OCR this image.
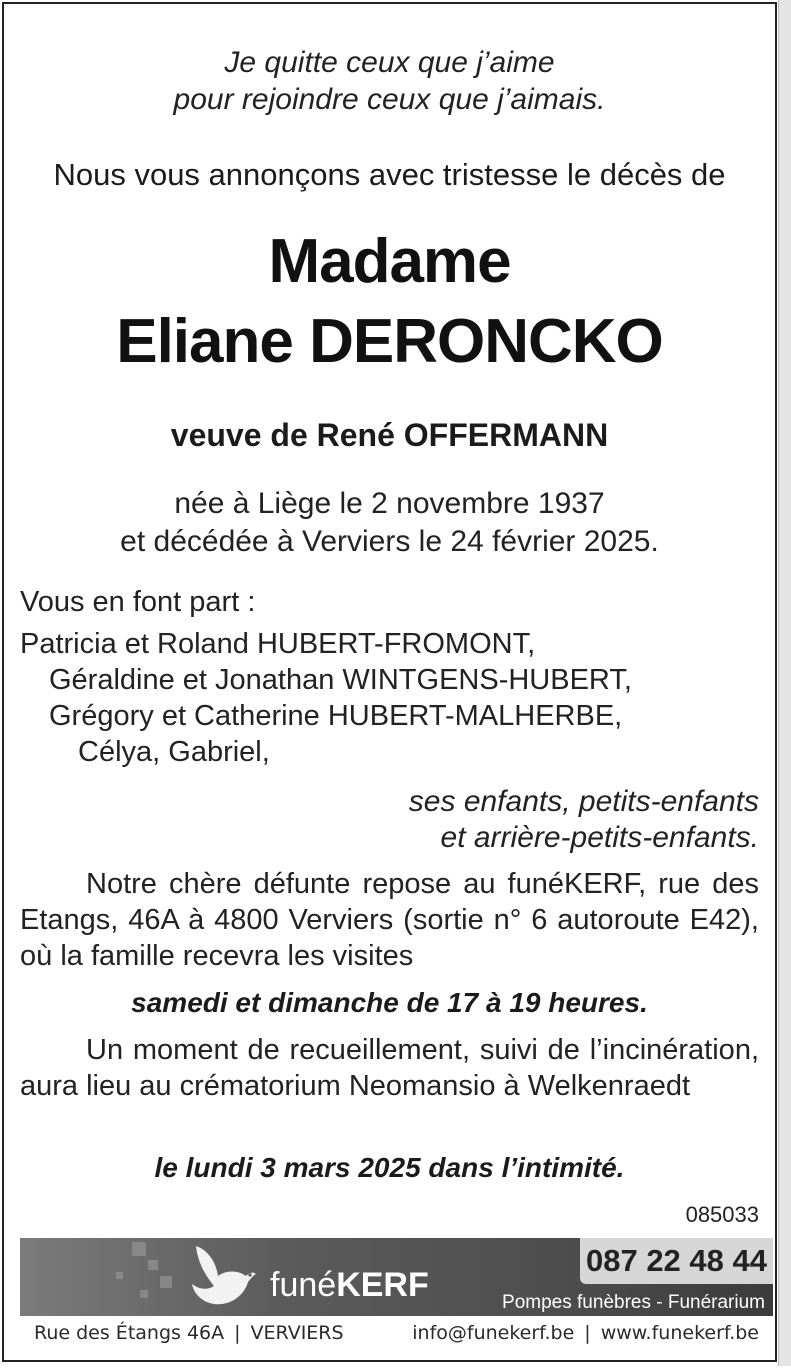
Je quitte ceux que j’aime
pour rejoindre ceux que j’aimais.
Nous vous annonçons avec tristesse le décès de
Madame
Eliane DERONCKO
veuve de René OFFERMANN
née à Liège le 2 novembre 1937
et décédée à Verviers le 24 février 2025.
Vous en font part :
Patricia et Roland HUBERT-FROMONT,
Géraldine et Jonathan WINTGENS-HUBERT,
Grégory et Catherine HUBERT-MALHERBE,
Célya, Gabriel,
ses enfants, petits-enfants
et arrière-petits-enfants.
Notre chère défunte repose au funéKERF, rue des Etangs, 46A à 4800 Verviers (sortie n° 6 autoroute E42), où la famille recevra les visites
samedi et dimanche de 17 à 19 heures.
Un moment de recueillement, suivi de l’incinération, aura lieu au crématorium Neomansio à Welkenraedt
le lundi 3 mars 2025 dans l’intimité.
085033
funéKERF
087 22 48 44
Pompes funèbres - Funérarium
Rue des Étangs 46A | VERVIERS	info@funekerf.be | www.funekerf.be
